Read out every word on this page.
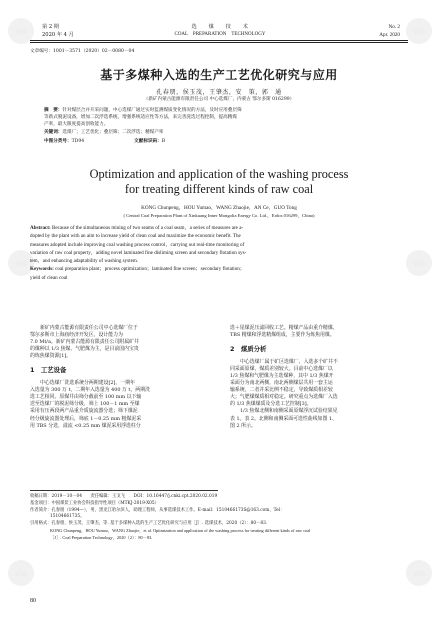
试读	试读
试读	试读
试读	试读
第 2 期
2020 年 4 月
选　　煤　　技　　术
COAL　PREPARATION　TECHNOLOGY
No. 2
Apr. 2020
文章编号：1001－3571（2020）02－0080－04
基于多煤种入选的生产工艺优化研究与应用
孔春朋，侯玉茂，王肇杰，安　策，郭　通
（新矿内蒙古能源有限责任公司 中心选煤厂，内蒙古 鄂尔多斯 016299）
摘　要：针对煤层合并开采问题，中心选煤厂通过实时监测煤质变化情况的方法，及时应用叠层筛
等新式脱泥设备，增加二次浮选系统，增强系统适应性等方法，来完善洗选过程控制，提高精煤
产率，最大限度提高创收能力。
关键词：选煤厂；工艺优化；叠层筛；二次浮选；精煤产率
中图分类号：TD94	文献标识码：B
Optimization and application of the washing process
for treating different kinds of raw coal
KONG Chunpeng，HOU Yumao，WANG Zhaojie，AN Ce，GUO Tong
( Central Coal Preparation Plant of Xinkuang Inner Mongolia Energy Co. Ltd.，Erdos 016299，China)
Abstract: Because of the simultaneous mining of two seams of a coal seam，a series of measures are a-
dopted by the plant with an aim to increase yield of clean coal and maximize the economic benefit. The
measures adopted include improving coal washing process control，carrying out real-time monitoring of
variation of raw coal property，adding novel laminated fine disliming screen and secondary flotation sys-
tem，and enhancing adaptability of washing system.
Keywords: coal preparation plant；process optimization；laminated fine screen；secondary flotation；
yield of clean coal
新矿内蒙古能源有限责任公司中心选煤厂位于
鄂尔多斯市上海庙经济开发区，设计能力为
7.0 Mt/a。新矿内蒙古能源有限责任公司附属矿井
的煤种以 1/3 焦煤、气肥煤为主，是目前国内宝贵
的炼焦煤资源[1]。
1　工艺设备
中心选煤厂洗选系统分两期建设[2]，一期年
入选量为 300 万 t，二期年入选量为 400 万 t，两期洗
选工艺相同。原煤井由筛分截前至 100 mm 以下输
送至选煤厂的脱泥筛分级，筛上 100－1 mm 至煤
采用有压两段两产品重介质旋流器分选；筛下煤泥
经分级旋流器处理后，筛底 1－0.25 mm 粗煤泥采
用 TBS 分选，溢流 <0.25 mm 煤泥采用浮选柱分
选＋尾煤泥压滤回收工艺。精煤产品由重介精煤、
TBS 精煤和浮选精煤组成，主要作为炼焦用煤。
2　煤质分析
中心选煤厂属于矿区选煤厂，入选多个矿井不
同采面原煤，煤质差别较大。目前中心选煤厂以
1/3 焦煤和气肥煤为主选煤种，其中 1/3 焦煤开
采面分为南北两侧，南北两侧煤层共用一套主运
输系统，二者并采比例不稳定，导致煤质相差较
大；气肥煤煤质相对稳定。研究重点为选煤厂入选
的 1/3 焦煤煤质及分选工艺控制[3]。
1/3 焦煤北侧和南侧采面原煤浮沉试验结果见
表 1。表 2。北侧和南侧采面可选性曲线如图 1、
图 2 所示。
收稿日期：2019－10－04　　责任编辑：王戈飞　　DOI：10.16447/j.cnki.cpt.2020.02.019
基金项目：中国煤炭工业协会科技指导性项目（MTKJ-2019-X05）
作者简介：孔春朋（1994—），男，黑龙江哈尔滨人，助理工程师，从事选煤技术工作。E-mail：1510466173S@163.com，Tel：
15104661735。
引用格式：孔春朋，侯玉茂，王肇杰，等. 基于多煤种入选的生产工艺优化研究与应用［J］. 选煤技术，2020（2）：80－83.
KONG Chunpeng，HOU Yumao，WANG Zhaojie，et al. Optimization and application of the washing process for treating different kinds of raw coal
［J］. Coal Preparation Technology，2020（2）：80－83.
80
